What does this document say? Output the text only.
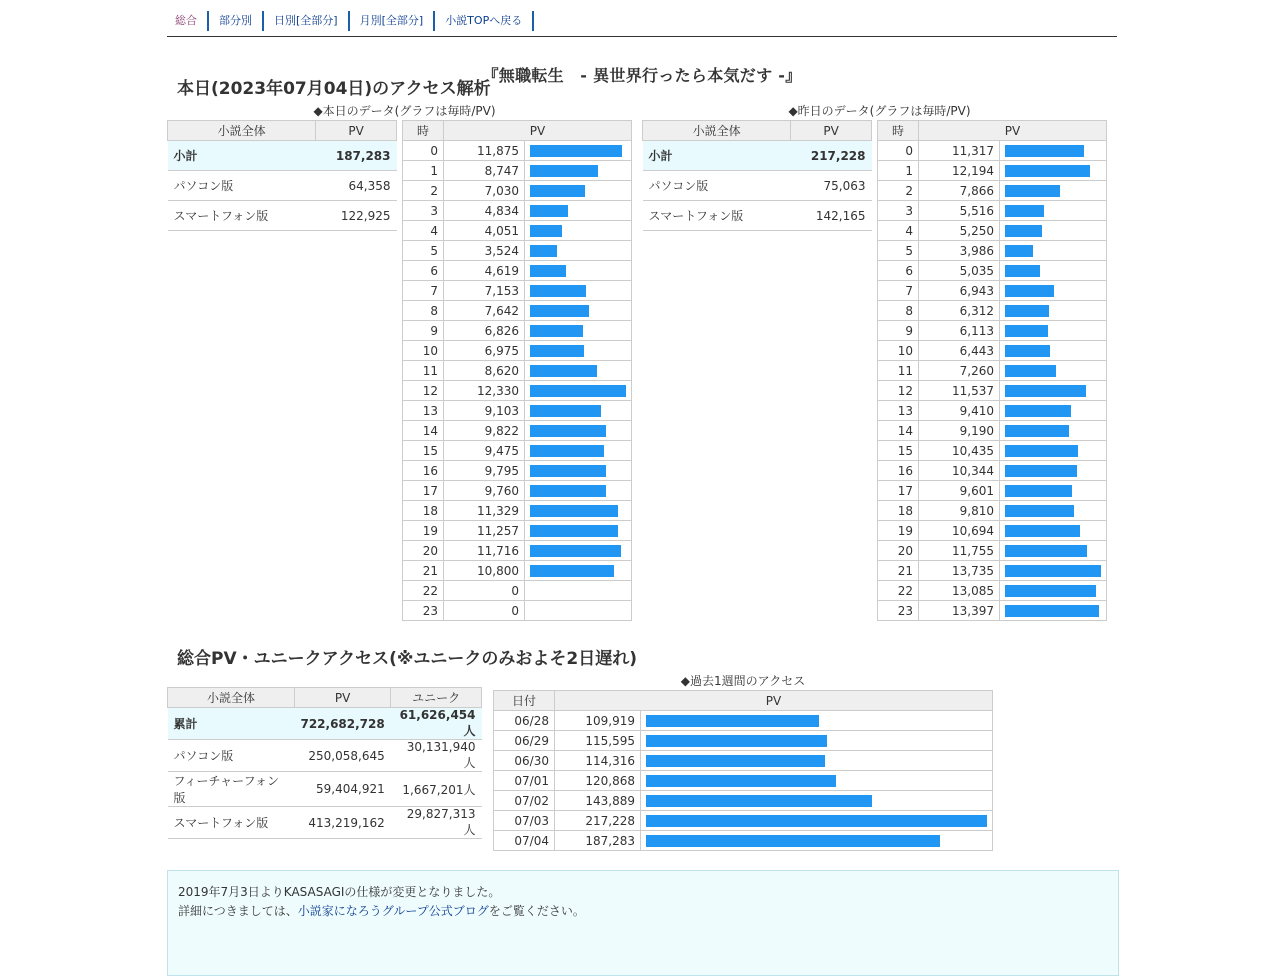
総合	部分別	日別[全部分]	月別[全部分]	小説TOPへ戻る
『無職転生　- 異世界行ったら本気だす -』
本日(2023年07月04日)のアクセス解析
◆本日のデータ(グラフは毎時/PV)	◆昨日のデータ(グラフは毎時/PV)
小説全体	PV
小計	187,283
パソコン版	64,358
スマートフォン版	122,925
時	PV	
0	11,875	

1	8,747	

2	7,030	

3	4,834	

4	4,051	

5	3,524	

6	4,619	

7	7,153	

8	7,642	

9	6,826	

10	6,975	

11	8,620	

12	12,330	

13	9,103	

14	9,822	

15	9,475	

16	9,795	

17	9,760	

18	11,329	

19	11,257	

20	11,716	

21	10,800	

22	0	
23	0	
小説全体	PV
小計	217,228
パソコン版	75,063
スマートフォン版	142,165
時	PV	
0	11,317	

1	12,194	

2	7,866	

3	5,516	

4	5,250	

5	3,986	

6	5,035	

7	6,943	

8	6,312	

9	6,113	

10	6,443	

11	7,260	

12	11,537	

13	9,410	

14	9,190	

15	10,435	

16	10,344	

17	9,601	

18	9,810	

19	10,694	

20	11,755	

21	13,735	

22	13,085	

23	13,397	
総合PV・ユニークアクセス(※ユニークのみおよそ2日遅れ)
◆過去1週間のアクセス
小説全体	PV	ユニーク
累計	722,682,728	61,626,454人
パソコン版	250,058,645	30,131,940人
フィーチャーフォン版	59,404,921	1,667,201人
スマートフォン版	413,219,162	29,827,313人
日付	PV	
06/28	109,919	

06/29	115,595	

06/30	114,316	

07/01	120,868	

07/02	143,889	

07/03	217,228	

07/04	187,283	
2019年7月3日よりKASASAGIの仕様が変更となりました。
詳細につきましては、小説家になろうグループ公式ブログをご覧ください。
